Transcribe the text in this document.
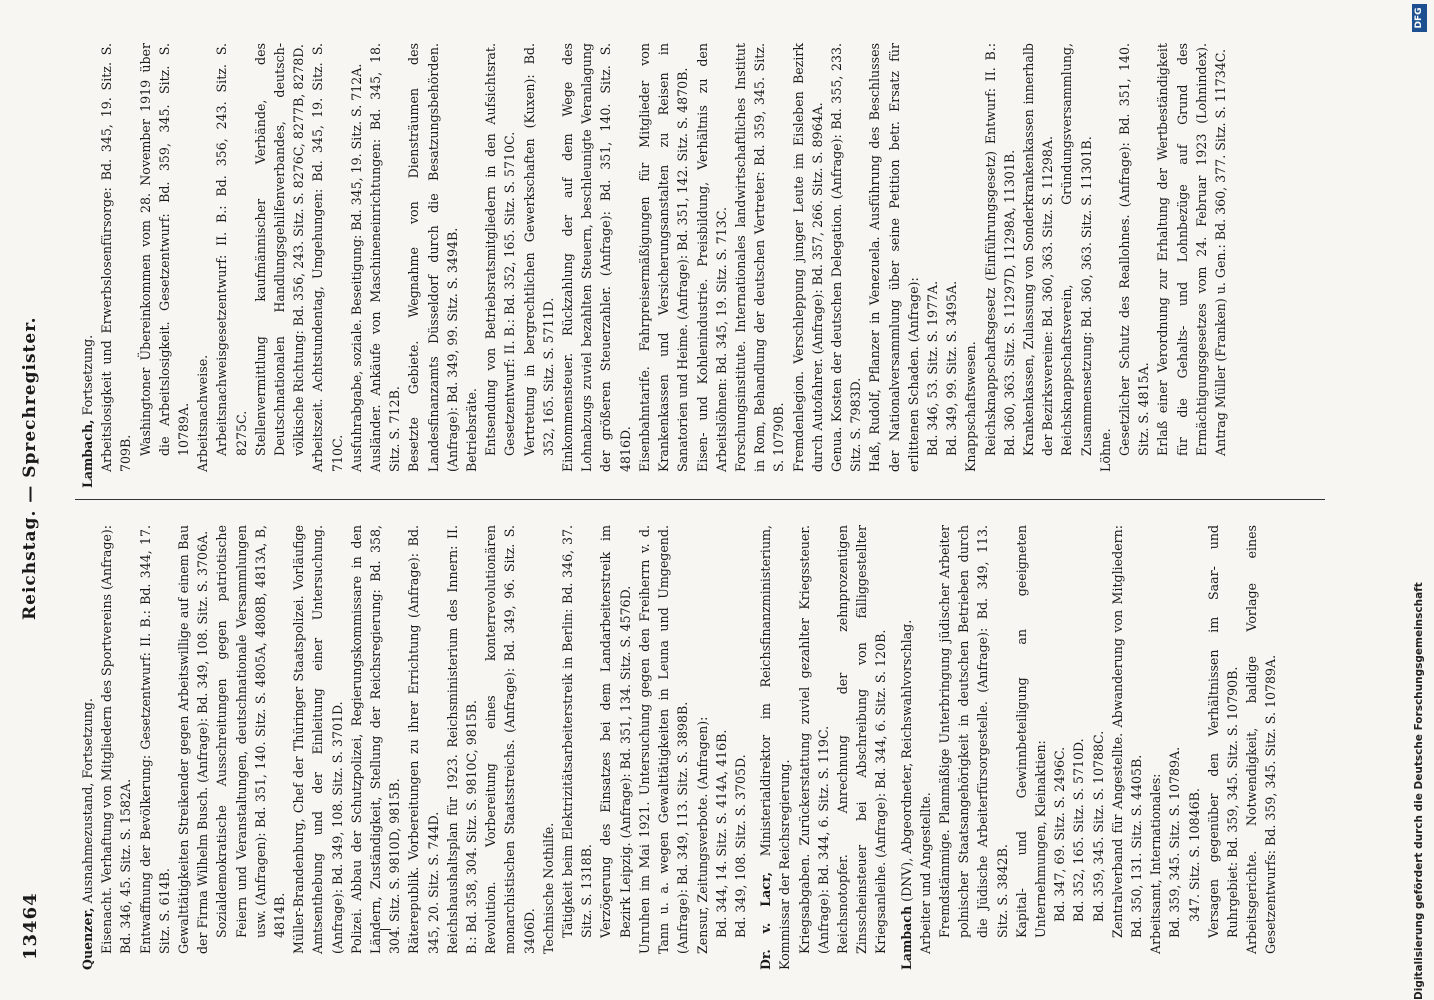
13464
Reichstag. — Sprechregister.

Quenzer, Ausnahmezustand, Fortsetzung. Eisenacht. Verhaftung von Mitgliedern des Sportvereins (Anfrage): Bd. 346, 45. Sitz. S. 1582A. Entwaffnung der Bevölkerung: Gesetzentwurf: II. B.: Bd. 344, 17. Sitz. S. 614B. Gewalttätigkeiten Streikender gegen Arbeitswillige auf einem Bau der Firma Wilhelm Busch. (Anfrage): Bd. 349, 108. Sitz. S. 3706A. Sozialdemokratische Ausschreitungen gegen patriotische Feiern und Veranstaltungen, deutschnationale Versammlungen usw. (Anfragen): Bd. 351, 140. Sitz. S. 4805A, 4808B, 4813A, B, 4814B. Müller-Brandenburg, Chef der Thüringer Staatspolizei. Vorläufige Amtsenthebung und der Einleitung einer Untersuchung. (Anfrage): Bd. 349, 108. Sitz. S. 3701D. Polizei. Abbau der Schutzpolizei, Regierungskommissare in den Ländern, Zuständigkeit, Stellung der Reichsregierung: Bd. 358, 304. Sitz. S. 9810D, 9815B. Räterepublik. Vorbereitungen zu ihrer Errichtung (Anfrage): Bd. 345, 20. Sitz. S. 744D. Reichshaushaltsplan für 1923. Reichsministerium des Innern: II. B.: Bd. 358, 304. Sitz. S. 9810C, 9815B. Revolution. Vorbereitung eines konterrevolutionären monarchistischen Staatsstreichs. (Anfrage): Bd. 349, 96. Sitz. S. 3406D. Technische Nothilfe. Tätigkeit beim Elektrizitätsarbeiterstreik in Berlin: Bd. 346, 37. Sitz. S. 1318B. Verzögerung des Einsatzes bei dem Landarbeiterstreik im Bezirk Leipzig. (Anfrage): Bd. 351, 134. Sitz. S. 4576D. Unruhen im Mai 1921. Untersuchung gegen den Freiherrn v. d. Tann u. a. wegen Gewalttätigkeiten in Leuna und Umgegend. (Anfrage): Bd. 349, 113. Sitz. S. 3898B. Zensur, Zeitungsverbote. (Anfragen): Bd. 344, 14. Sitz. S. 414A, 416B. Bd. 349, 108. Sitz. S. 3705D. Dr. v. Lacr, Ministerialdirektor im Reichsfinanzministerium, Kommissar der Reichsregierung. Kriegsabgaben. Zurückerstattung zuviel gezahlter Kriegssteuer. (Anfrage): Bd. 344, 6. Sitz. S. 119C. Reichsnotopfer. Anrechnung der zehnprozentigen Zinsscheinsteuer bei Abschreibung von fälliggestellter Kriegsanleihe. (Anfrage): Bd. 344, 6. Sitz. S. 120B. Lambach (DNV), Abgeordneter, Reichswahlvorschlag. Arbeiter und Angestellte. Fremdstämmige. Planmäßige Unterbringung jüdischer Arbeiter polnischer Staatsangehörigkeit in deutschen Betrieben durch die Jüdische Arbeiterfürsorgestelle. (Anfrage): Bd. 349, 113. Sitz. S. 3842B. Kapital- und Gewinnbeteiligung an geeigneten Unternehmungen, Kleinaktien: Bd. 347, 69. Sitz. S. 2496C. Bd. 352, 165. Sitz. S. 5710D. Bd. 359, 345. Sitz. S. 10788C. Zentralverband für Angestellte. Abwanderung von Mitgliedern: Bd. 350, 131. Sitz. S. 4405B. Arbeitsamt, Internationales: Bd. 359, 345. Sitz. S. 10789A. 347. Sitz. S. 10846B. Versagen gegenüber den Verhältnissen im Saar- und Ruhrgebiet: Bd. 359, 345. Sitz. S. 10790B. Arbeitsgerichte. Notwendigkeit, baldige Vorlage eines Gesetzentwurfs: Bd. 359, 345. Sitz. S. 10789A.

Lambach, Fortsetzung. Arbeitslosigkeit und Erwerbslosenfürsorge: Bd. 345, 19. Sitz. S. 709B. Washingtoner Übereinkommen vom 28. November 1919 über die Arbeitslosigkeit. Gesetzentwurf: Bd. 359, 345. Sitz. S. 10789A. Arbeitsnachweise. Arbeitsnachweisgesetzentwurf: II. B.: Bd. 356, 243. Sitz. S. 8275C. Stellenvermittlung kaufmännischer Verbände, des Deutschnationalen Handlungsgehilfenverbandes, deutsch-völkische Richtung: Bd. 356, 243. Sitz. S. 8276C, 8277B, 8278D. Arbeitszeit. Achtstundentag, Umgehungen: Bd. 345, 19. Sitz. S. 710C. Ausfuhrabgabe, soziale. Beseitigung: Bd. 345, 19. Sitz. S. 712A. Ausländer. Ankäufe von Maschineneinrichtungen: Bd. 345, 18. Sitz. S. 712B. Besetzte Gebiete. Wegnahme von Diensträumen des Landesfinanzamts Düsseldorf durch die Besatzungsbehörden. (Anfrage): Bd. 349, 99. Sitz. S. 3494B. Betriebsräte. Entsendung von Betriebsratsmitgliedern in den Aufsichtsrat. Gesetzentwurf: II. B.: Bd. 352, 165. Sitz. S. 5710C. Vertretung in bergrechtlichen Gewerkschaften (Kuxen): Bd. 352, 165. Sitz. S. 5711D. Einkommensteuer. Rückzahlung der auf dem Wege des Lohnabzugs zuviel bezahlten Steuern, beschleunigte Veranlagung der größeren Steuerzahler. (Anfrage): Bd. 351, 140. Sitz. S. 4816D. Eisenbahntarife. Fahrpreisermäßigungen für Mitglieder von Krankenkassen und Versicherungsanstalten zu Reisen in Sanatorien und Heime. (Anfrage): Bd. 351, 142. Sitz. S. 4870B. Eisen- und Kohlenindustrie. Preisbildung, Verhältnis zu den Arbeitslöhnen: Bd. 345, 19. Sitz. S. 713C. Forschungsinstitute. Internationales landwirtschaftliches Institut in Rom, Behandlung der deutschen Vertreter: Bd. 359, 345. Sitz. S. 10790B. Fremdenlegion. Verschleppung junger Leute im Eisleben Bezirk durch Autofahrer. (Anfrage): Bd. 357, 266. Sitz. S. 8964A. Genua. Kosten der deutschen Delegation. (Anfrage): Bd. 355, 233. Sitz. S. 7983D. Haß, Rudolf, Pflanzer in Venezuela. Ausführung des Beschlusses der Nationalversammlung über seine Petition betr. Ersatz für erlittenen Schaden. (Anfrage): Bd. 346, 53. Sitz. S. 1977A. Bd. 349, 99. Sitz. S. 3495A. Knappschaftswesen. Reichsknappschaftsgesetz (Einführungsgesetz) Entwurf: II. B.: Bd. 360, 363. Sitz. S. 11297D, 11298A, 11301B. Krankenkassen, Zulassung von Sonderkrankenkassen innerhalb der Bezirksvereine: Bd. 360, 363. Sitz. S. 11298A. Reichsknappschaftsverein, Gründungsversammlung, Zusammensetzung: Bd. 360, 363. Sitz. S. 11301B. Löhne. Gesetzlicher Schutz des Reallohnes. (Anfrage): Bd. 351, 140. Sitz. S. 4815A. Erlaß einer Verordnung zur Erhaltung der Wertbeständigkeit für die Gehalts- und Lohnbezüge auf Grund des Ermächtigungsgesetzes vom 24. Februar 1923 (Lohnindex). Antrag Müller (Franken) u. Gen.: Bd. 360, 377. Sitz. S. 11734C.

Digitalisierung gefördert durch die Deutsche Forschungsgemeinschaft
DFG
